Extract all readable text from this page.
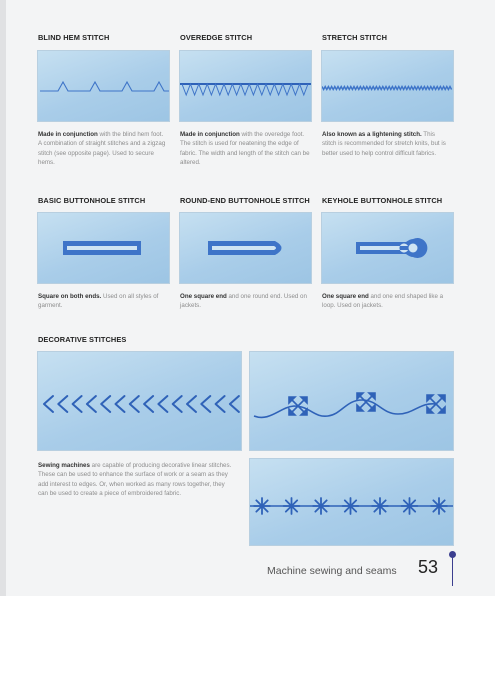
BLIND HEM STITCH	OVEREDGE STITCH	STRETCH STITCH
Made in conjunction with the blind hem foot. A combination of straight stitches and a zigzag stitch (see opposite page). Used to secure hems.
Made in conjunction with the overedge foot. The stitch is used for neatening the edge of fabric. The width and length of the stitch can be altered.
Also known as a lightening stitch. This stitch is recommended for stretch knits, but is better used to help control difficult fabrics.
BASIC BUTTONHOLE STITCH	ROUND-END BUTTONHOLE STITCH KEYHOLE BUTTONHOLE STITCH
Square on both ends. Used on all styles of garment.
One square end and one round end. Used on jackets.
One square end and one end shaped like a loop. Used on jackets.
DECORATIVE STITCHES
Sewing machines are capable of producing decorative linear stitches. These can be used to enhance the surface of work or a seam as they add interest to edges. Or, when worked as many rows together, they can be used to create a piece of embroidered fabric.
Machine sewing and seams 53
